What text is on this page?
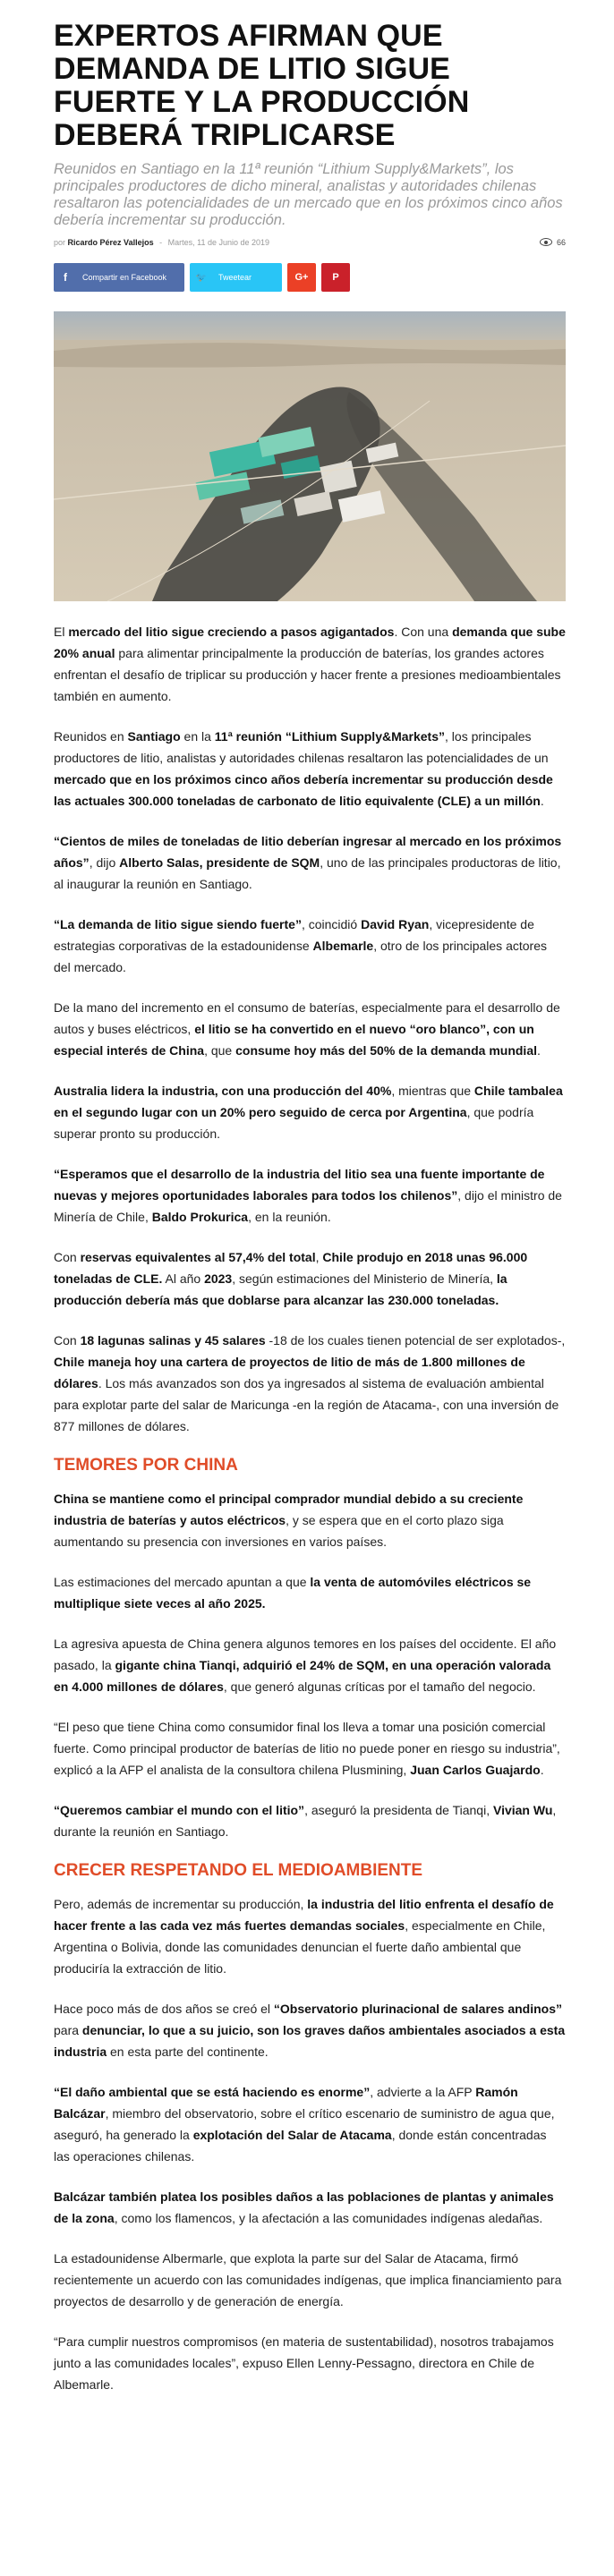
EXPERTOS AFIRMAN QUE DEMANDA DE LITIO SIGUE FUERTE Y LA PRODUCCIÓN DEBERÁ TRIPLICARSE

Reunidos en Santiago en la 11ª reunión “Lithium Supply&Markets”, los principales productores de dicho mineral, analistas y autoridades chilenas resaltaron las potencialidades de un mercado que en los próximos cinco años debería incrementar su producción.

por Ricardo Pérez Vallejos - Martes, 11 de Junio de 2019	66
f	Compartir en Facebook	🐦	Tweetear	G+ P

El mercado del litio sigue creciendo a pasos agigantados. Con una demanda que sube 20% anual para alimentar principalmente la producción de baterías, los grandes actores enfrentan el desafío de triplicar su producción y hacer frente a presiones medioambientales también en aumento.

Reunidos en Santiago en la 11ª reunión “Lithium Supply&Markets”, los principales productores de litio, analistas y autoridades chilenas resaltaron las potencialidades de un mercado que en los próximos cinco años debería incrementar su producción desde las actuales 300.000 toneladas de carbonato de litio equivalente (CLE) a un millón.

“Cientos de miles de toneladas de litio deberían ingresar al mercado en los próximos años”, dijo Alberto Salas, presidente de SQM, uno de las principales productoras de litio, al inaugurar la reunión en Santiago.

“La demanda de litio sigue siendo fuerte”, coincidió David Ryan, vicepresidente de estrategias corporativas de la estadounidense Albemarle, otro de los principales actores del mercado.

De la mano del incremento en el consumo de baterías, especialmente para el desarrollo de autos y buses eléctricos, el litio se ha convertido en el nuevo “oro blanco”, con un especial interés de China, que consume hoy más del 50% de la demanda mundial.

Australia lidera la industria, con una producción del 40%, mientras que Chile tambalea en el segundo lugar con un 20% pero seguido de cerca por Argentina, que podría superar pronto su producción.

“Esperamos que el desarrollo de la industria del litio sea una fuente importante de nuevas y mejores oportunidades laborales para todos los chilenos”, dijo el ministro de Minería de Chile, Baldo Prokurica, en la reunión.

Con reservas equivalentes al 57,4% del total, Chile produjo en 2018 unas 96.000 toneladas de CLE. Al año 2023, según estimaciones del Ministerio de Minería, la producción debería más que doblarse para alcanzar las 230.000 toneladas.

Con 18 lagunas salinas y 45 salares -18 de los cuales tienen potencial de ser explotados-, Chile maneja hoy una cartera de proyectos de litio de más de 1.800 millones de dólares. Los más avanzados son dos ya ingresados al sistema de evaluación ambiental para explotar parte del salar de Maricunga -en la región de Atacama-, con una inversión de 877 millones de dólares.

TEMORES POR CHINA

China se mantiene como el principal comprador mundial debido a su creciente industria de baterías y autos eléctricos, y se espera que en el corto plazo siga aumentando su presencia con inversiones en varios países.

Las estimaciones del mercado apuntan a que la venta de automóviles eléctricos se multiplique siete veces al año 2025.

La agresiva apuesta de China genera algunos temores en los países del occidente. El año pasado, la gigante china Tianqi, adquirió el 24% de SQM, en una operación valorada en 4.000 millones de dólares, que generó algunas críticas por el tamaño del negocio.

“El peso que tiene China como consumidor final los lleva a tomar una posición comercial fuerte. Como principal productor de baterías de litio no puede poner en riesgo su industria”, explicó a la AFP el analista de la consultora chilena Plusmining, Juan Carlos Guajardo.

“Queremos cambiar el mundo con el litio”, aseguró la presidenta de Tianqi, Vivian Wu, durante la reunión en Santiago.

CRECER RESPETANDO EL MEDIOAMBIENTE

Pero, además de incrementar su producción, la industria del litio enfrenta el desafío de hacer frente a las cada vez más fuertes demandas sociales, especialmente en Chile, Argentina o Bolivia, donde las comunidades denuncian el fuerte daño ambiental que produciría la extracción de litio.

Hace poco más de dos años se creó el “Observatorio plurinacional de salares andinos” para denunciar, lo que a su juicio, son los graves daños ambientales asociados a esta industria en esta parte del continente.

“El daño ambiental que se está haciendo es enorme”, advierte a la AFP Ramón Balcázar, miembro del observatorio, sobre el crítico escenario de suministro de agua que, aseguró, ha generado la explotación del Salar de Atacama, donde están concentradas las operaciones chilenas.

Balcázar también platea los posibles daños a las poblaciones de plantas y animales de la zona, como los flamencos, y la afectación a las comunidades indígenas aledañas.

La estadounidense Albermarle, que explota la parte sur del Salar de Atacama, firmó recientemente un acuerdo con las comunidades indígenas, que implica financiamiento para proyectos de desarrollo y de generación de energía.

“Para cumplir nuestros compromisos (en materia de sustentabilidad), nosotros trabajamos junto a las comunidades locales”, expuso Ellen Lenny-Pessagno, directora en Chile de Albemarle.
